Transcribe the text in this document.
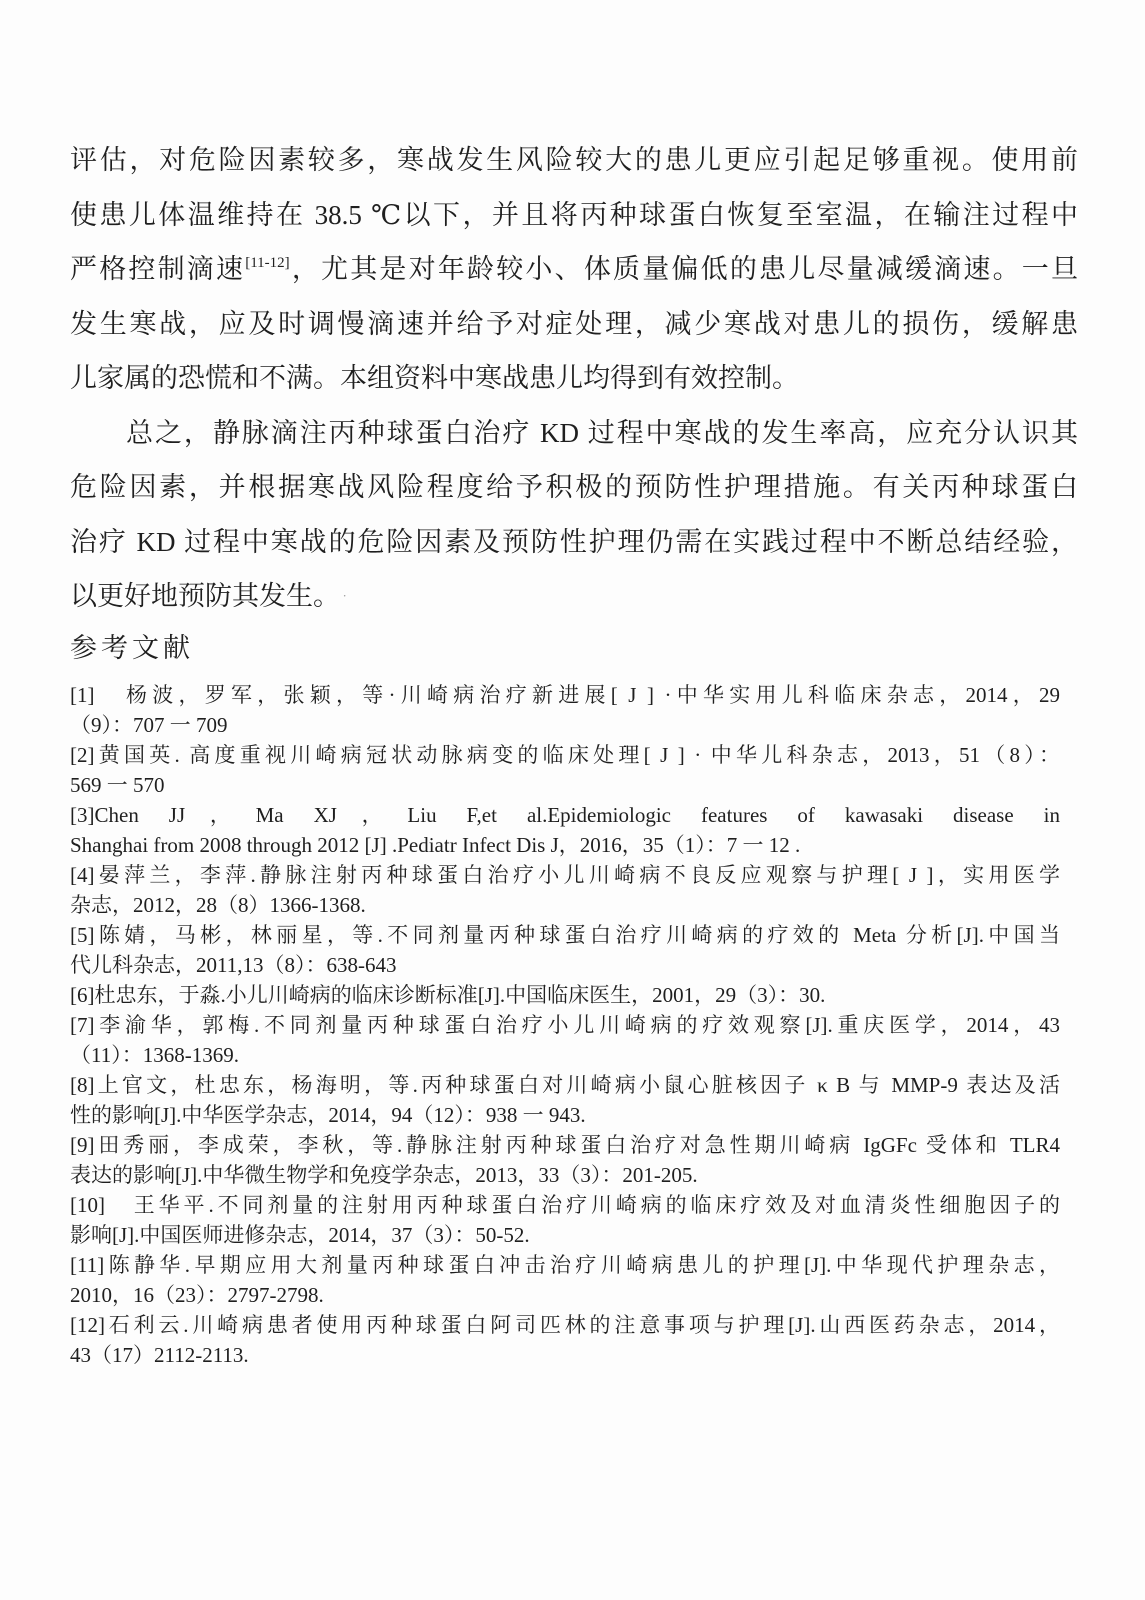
评估，对危险因素较多，寒战发生风险较大的患儿更应引起足够重视。使用前
使患儿体温维持在 38.5 ℃以下，并且将丙种球蛋白恢复至室温，在输注过程中
严格控制滴速[11-12]，尤其是对年龄较小、体质量偏低的患儿尽量减缓滴速。一旦
发生寒战，应及时调慢滴速并给予对症处理，减少寒战对患儿的损伤，缓解患
儿家属的恐慌和不满。本组资料中寒战患儿均得到有效控制。
总之，静脉滴注丙种球蛋白治疗 KD 过程中寒战的发生率高，应充分认识其
危险因素，并根据寒战风险程度给予积极的预防性护理措施。有关丙种球蛋白
治疗 KD 过程中寒战的危险因素及预防性护理仍需在实践过程中不断总结经验，
以更好地预防其发生。 ·
参考文献
[1]　杨波，罗军，张颖，等·川崎病治疗新进展[ J ] ·中华实用儿科临床杂志，2014，29
（9）：707 一 709
[2]黄国英. 高度重视川崎病冠状动脉病变的临床处理[ J ] · 中华儿科杂志，2013，51（8）：
569 一 570
[3]Chen JJ，Ma XJ，Liu F,et al.Epidemiologic features of kawasaki disease in
Shanghai from 2008 through 2012 [J] .Pediatr Infect Dis J，2016，35（1）：7 一 12 .
[4]晏萍兰，李萍.静脉注射丙种球蛋白治疗小儿川崎病不良反应观察与护理[ J ]，实用医学
杂志，2012，28（8）1366-1368.
[5]陈婧，马彬，林丽星，等.不同剂量丙种球蛋白治疗川崎病的疗效的 Meta 分析[J].中国当
代儿科杂志，2011,13（8）：638-643
[6]杜忠东，于淼.小儿川崎病的临床诊断标准[J].中国临床医生，2001，29（3）：30.
[7]李渝华，郭梅.不同剂量丙种球蛋白治疗小儿川崎病的疗效观察[J].重庆医学，2014，43
（11）：1368-1369.
[8]上官文，杜忠东，杨海明，等.丙种球蛋白对川崎病小鼠心脏核因子 κ B 与 MMP-9 表达及活
性的影响[J].中华医学杂志，2014，94（12）：938 一 943.
[9]田秀丽，李成荣，李秋，等.静脉注射丙种球蛋白治疗对急性期川崎病 IgGFc 受体和 TLR4
表达的影响[J].中华微生物学和免疫学杂志，2013，33（3）：201-205.
[10]　王华平.不同剂量的注射用丙种球蛋白治疗川崎病的临床疗效及对血清炎性细胞因子的
影响[J].中国医师进修杂志，2014，37（3）：50-52.
[11]陈静华.早期应用大剂量丙种球蛋白冲击治疗川崎病患儿的护理[J].中华现代护理杂志，
2010，16（23）：2797-2798.
[12]石利云.川崎病患者使用丙种球蛋白阿司匹林的注意事项与护理[J].山西医药杂志，2014，
43（17）2112-2113.
